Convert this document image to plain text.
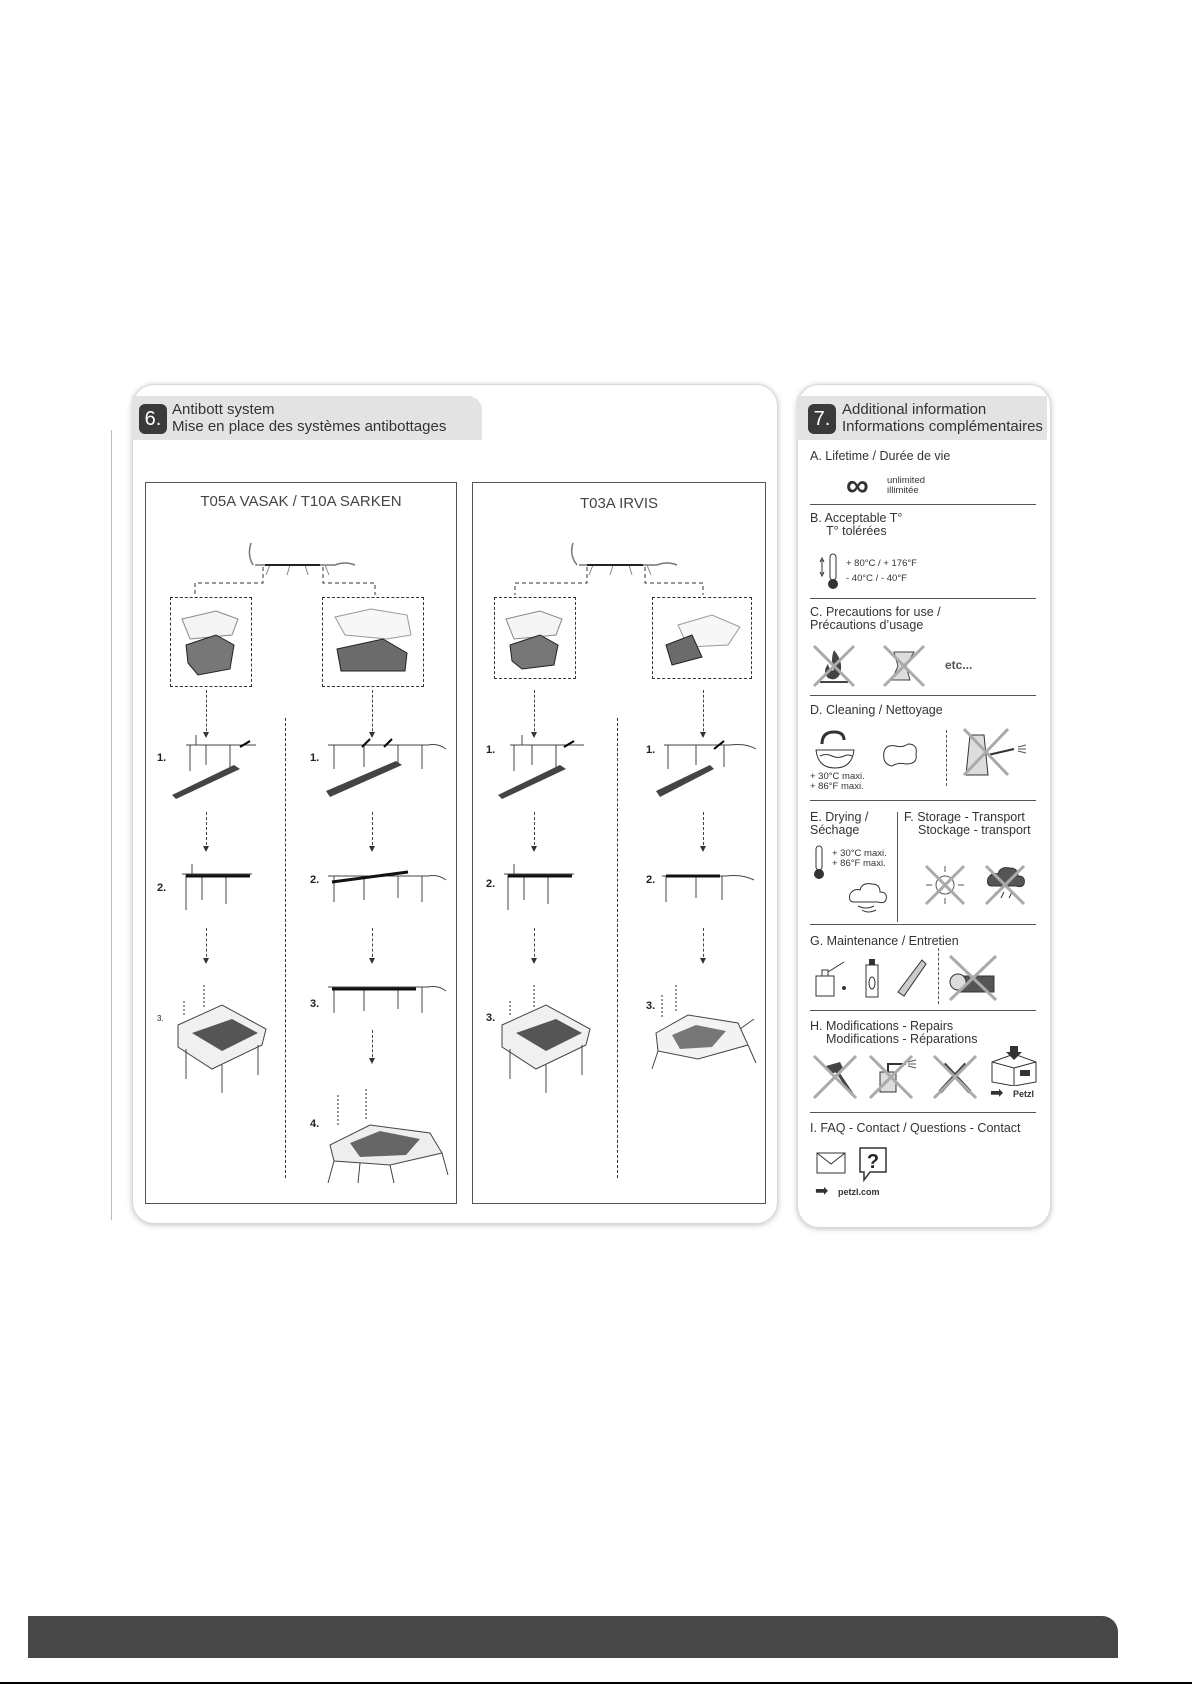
6. Antibott system
Mise en place des systèmes antibottages
T05A VASAK / T10A SARKEN	T03A IRVIS
1.	1.
1.	1.
2.
2.	2.	2.
3.
3.
3.
3.
4.
7. Additional information
Informations complémentaires
A. Lifetime / Durée de vie
∞ unlimited
illimitée
B. Acceptable T°
T° tolérées
+ 80°C / + 176°F
- 40°C / - 40°F
C. Precautions for use /
Précautions d’usage
etc...
D. Cleaning / Nettoyage
+ 30°C maxi.
+ 86°F maxi.
E. Drying /
Séchage
F. Storage - Transport
Stockage - transport
+ 30°C maxi.
+ 86°F maxi.
G. Maintenance / Entretien
H. Modifications - Repairs
Modifications - Réparations
➡ Petzl
I. FAQ - Contact / Questions - Contact
?
➡ petzl.com
